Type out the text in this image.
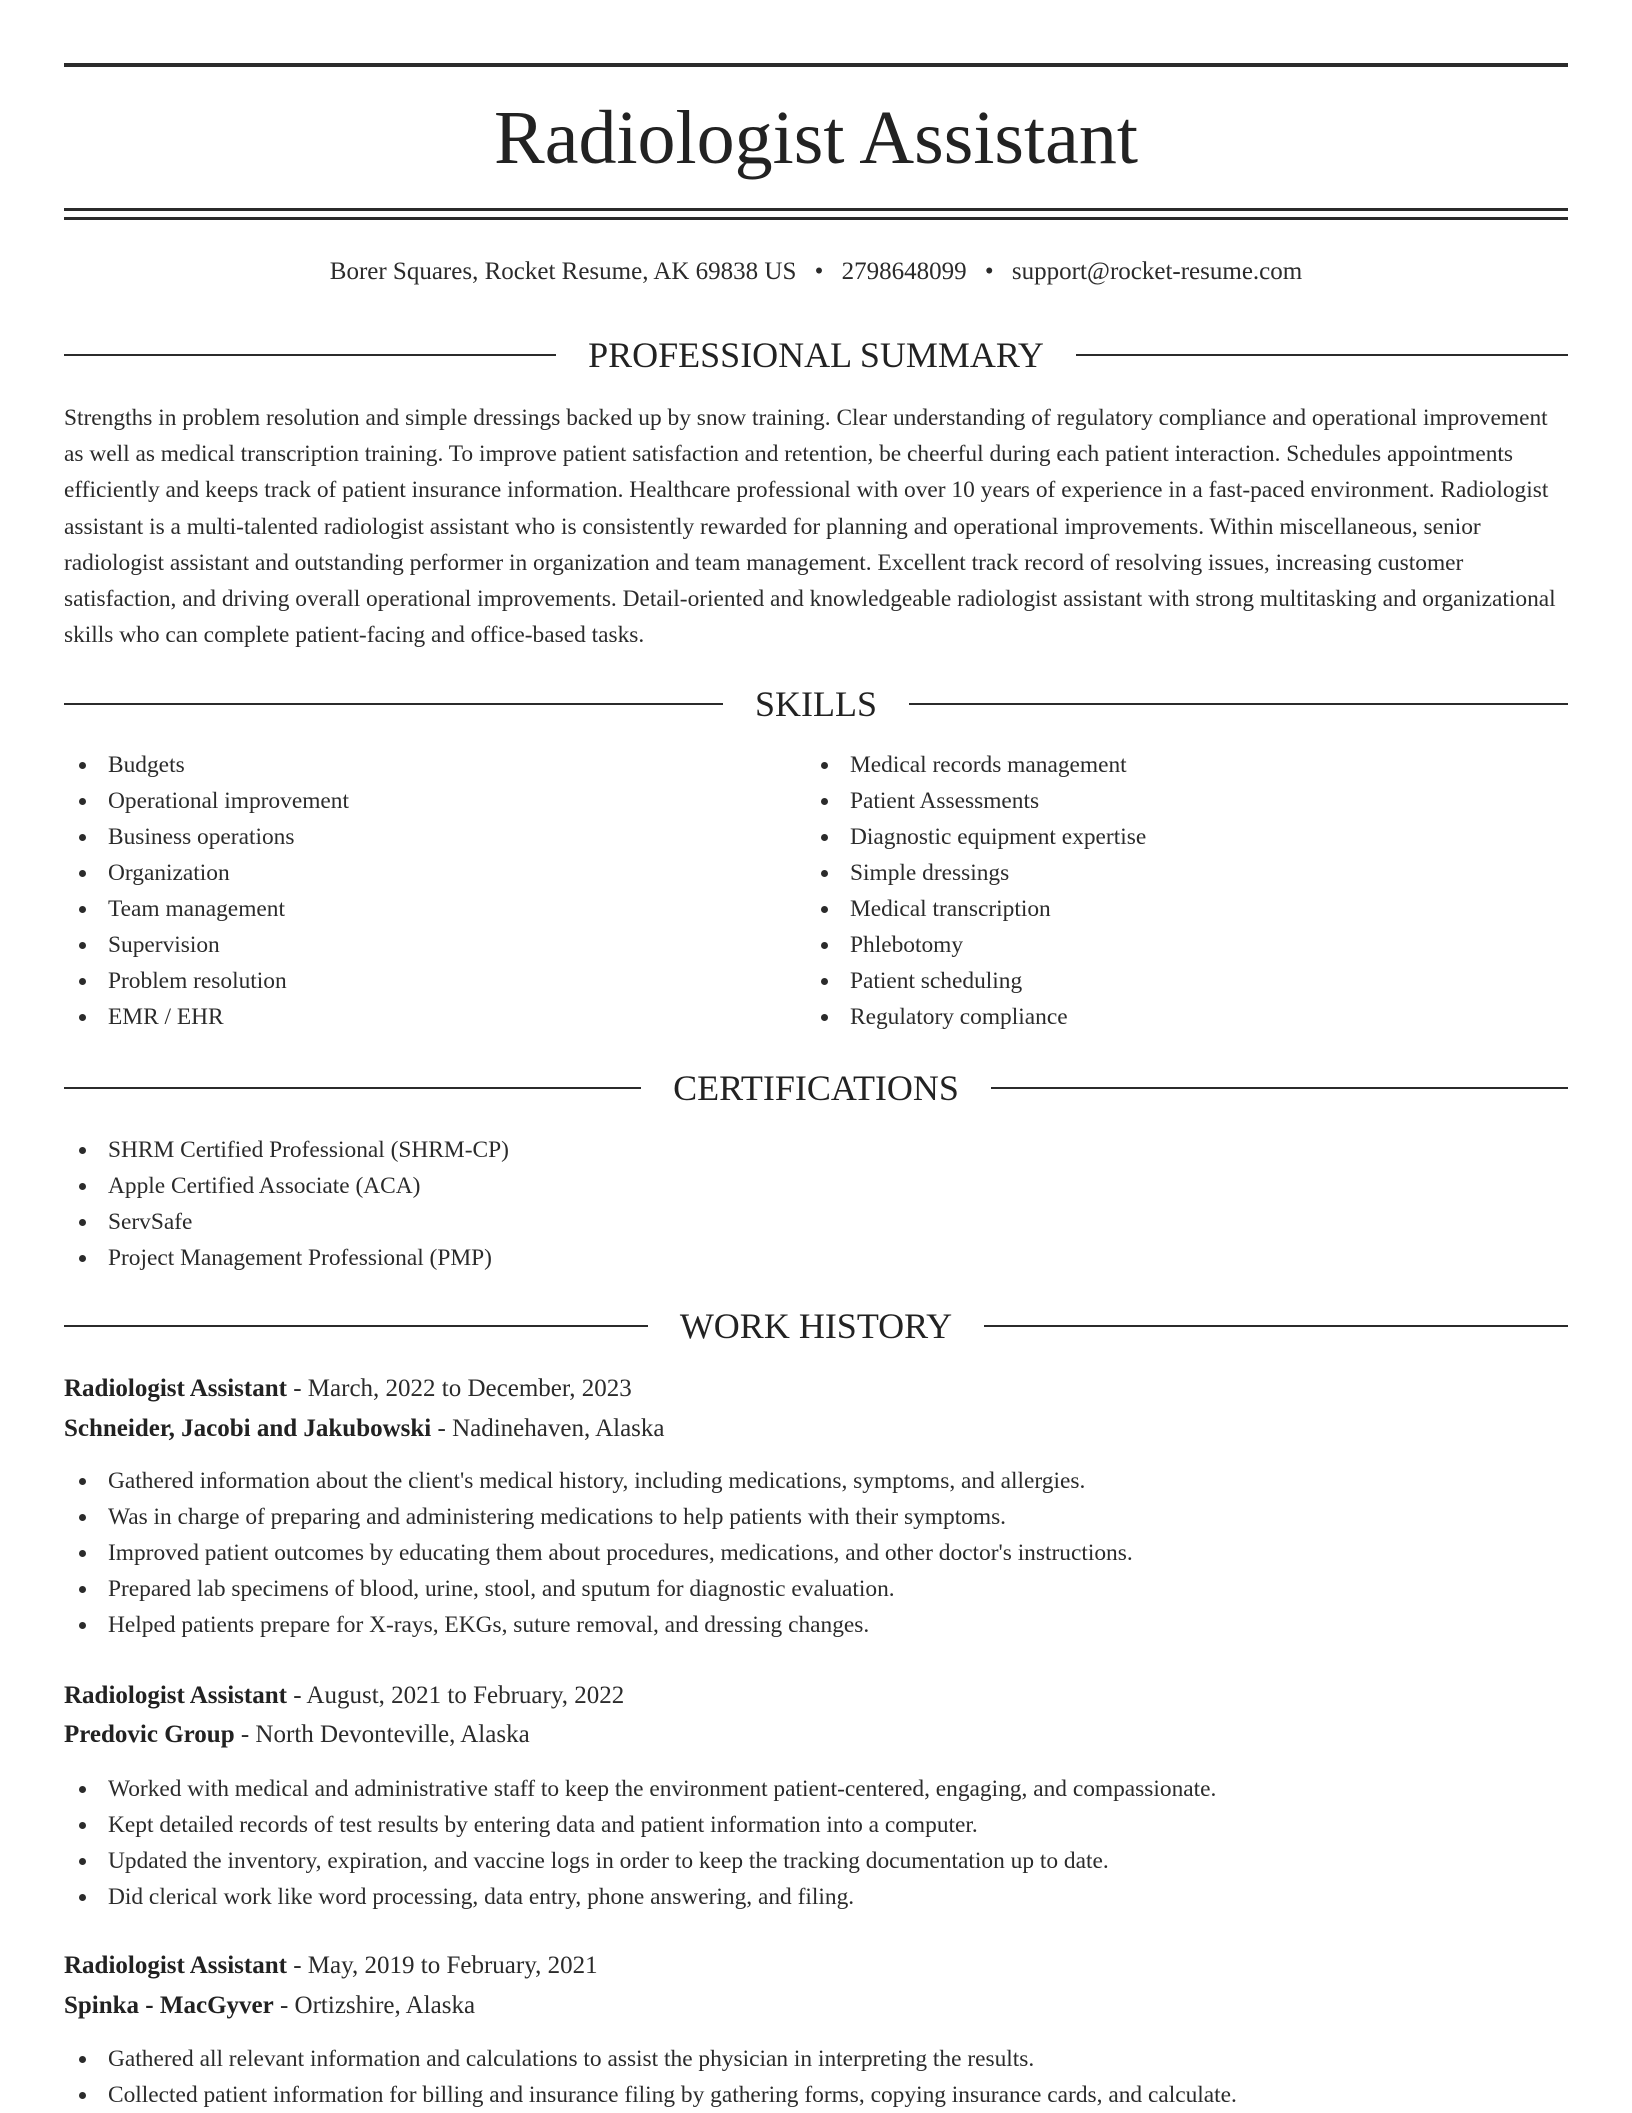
Radiologist Assistant
Borer Squares, Rocket Resume, AK 69838 US • 2798648099 • support@rocket-resume.com
PROFESSIONAL SUMMARY

Strengths in problem resolution and simple dressings backed up by snow training. Clear understanding of regulatory compliance and operational improvement as well as medical transcription training. To improve patient satisfaction and retention, be cheerful during each patient interaction. Schedules appointments efficiently and keeps track of patient insurance information. Healthcare professional with over 10 years of experience in a fast-paced environment. Radiologist assistant is a multi-talented radiologist assistant who is consistently rewarded for planning and operational improvements. Within miscellaneous, senior radiologist assistant and outstanding performer in organization and team management. Excellent track record of resolving issues, increasing customer satisfaction, and driving overall operational improvements. Detail-oriented and knowledgeable radiologist assistant with strong multitasking and organizational skills who can complete patient-facing and office-based tasks.

SKILLS
Budgets
Operational improvement
Business operations
Organization
Team management
Supervision
Problem resolution
EMR / EHR
Medical records management
Patient Assessments
Diagnostic equipment expertise
Simple dressings
Medical transcription
Phlebotomy
Patient scheduling
Regulatory compliance
CERTIFICATIONS
SHRM Certified Professional (SHRM-CP)
Apple Certified Associate (ACA)
ServSafe
Project Management Professional (PMP)
WORK HISTORY
Radiologist Assistant - March, 2022 to December, 2023
Schneider, Jacobi and Jakubowski - Nadinehaven, Alaska
Gathered information about the client's medical history, including medications, symptoms, and allergies.
Was in charge of preparing and administering medications to help patients with their symptoms.
Improved patient outcomes by educating them about procedures, medications, and other doctor's instructions.
Prepared lab specimens of blood, urine, stool, and sputum for diagnostic evaluation.
Helped patients prepare for X-rays, EKGs, suture removal, and dressing changes.
Radiologist Assistant - August, 2021 to February, 2022
Predovic Group - North Devonteville, Alaska
Worked with medical and administrative staff to keep the environment patient-centered, engaging, and compassionate.
Kept detailed records of test results by entering data and patient information into a computer.
Updated the inventory, expiration, and vaccine logs in order to keep the tracking documentation up to date.
Did clerical work like word processing, data entry, phone answering, and filing.
Radiologist Assistant - May, 2019 to February, 2021
Spinka - MacGyver - Ortizshire, Alaska
Gathered all relevant information and calculations to assist the physician in interpreting the results.
Collected patient information for billing and insurance filing by gathering forms, copying insurance cards, and calculate.
